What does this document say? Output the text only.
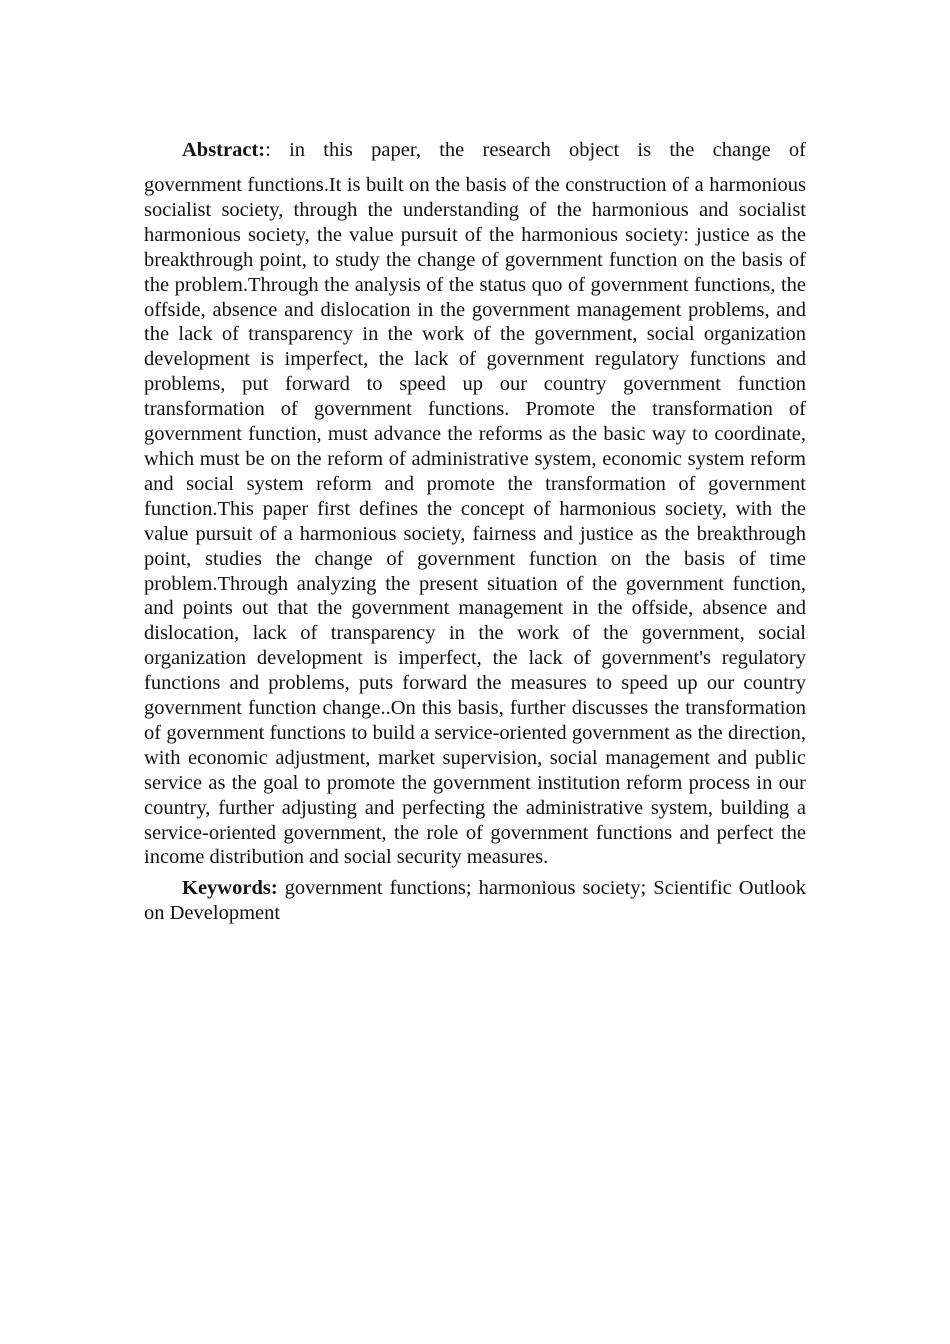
Abstract:: in this paper, the research object is the change of

government functions.It is built on the basis of the construction of a harmonious socialist society, through the understanding of the harmonious and socialist harmonious society, the value pursuit of the harmonious society: justice as the breakthrough point, to study the change of government function on the basis of the problem.Through the analysis of the status quo of government functions, the offside, absence and dislocation in the government management problems, and the lack of transparency in the work of the government, social organization development is imperfect, the lack of government regulatory functions and problems, put forward to speed up our country government function transformation of government functions. Promote the transformation of government function, must advance the reforms as the basic way to coordinate, which must be on the reform of administrative system, economic system reform and social system reform and promote the transformation of government function.This paper first defines the concept of harmonious society, with the value pursuit of a harmonious society, fairness and justice as the breakthrough point, studies the change of government function on the basis of time problem.Through analyzing the present situation of the government function, and points out that the government management in the offside, absence and dislocation, lack of transparency in the work of the government, social organization development is imperfect, the lack of government's regulatory functions and problems, puts forward the measures to speed up our country government function change..On this basis, further discusses the transformation of government functions to build a service-oriented government as the direction, with economic adjustment, market supervision, social management and public service as the goal to promote the government institution reform process in our country, further adjusting and perfecting the administrative system, building a service-oriented government, the role of government functions and perfect the income distribution and social security measures.

Keywords: government functions; harmonious society; Scientific Outlook on Development
